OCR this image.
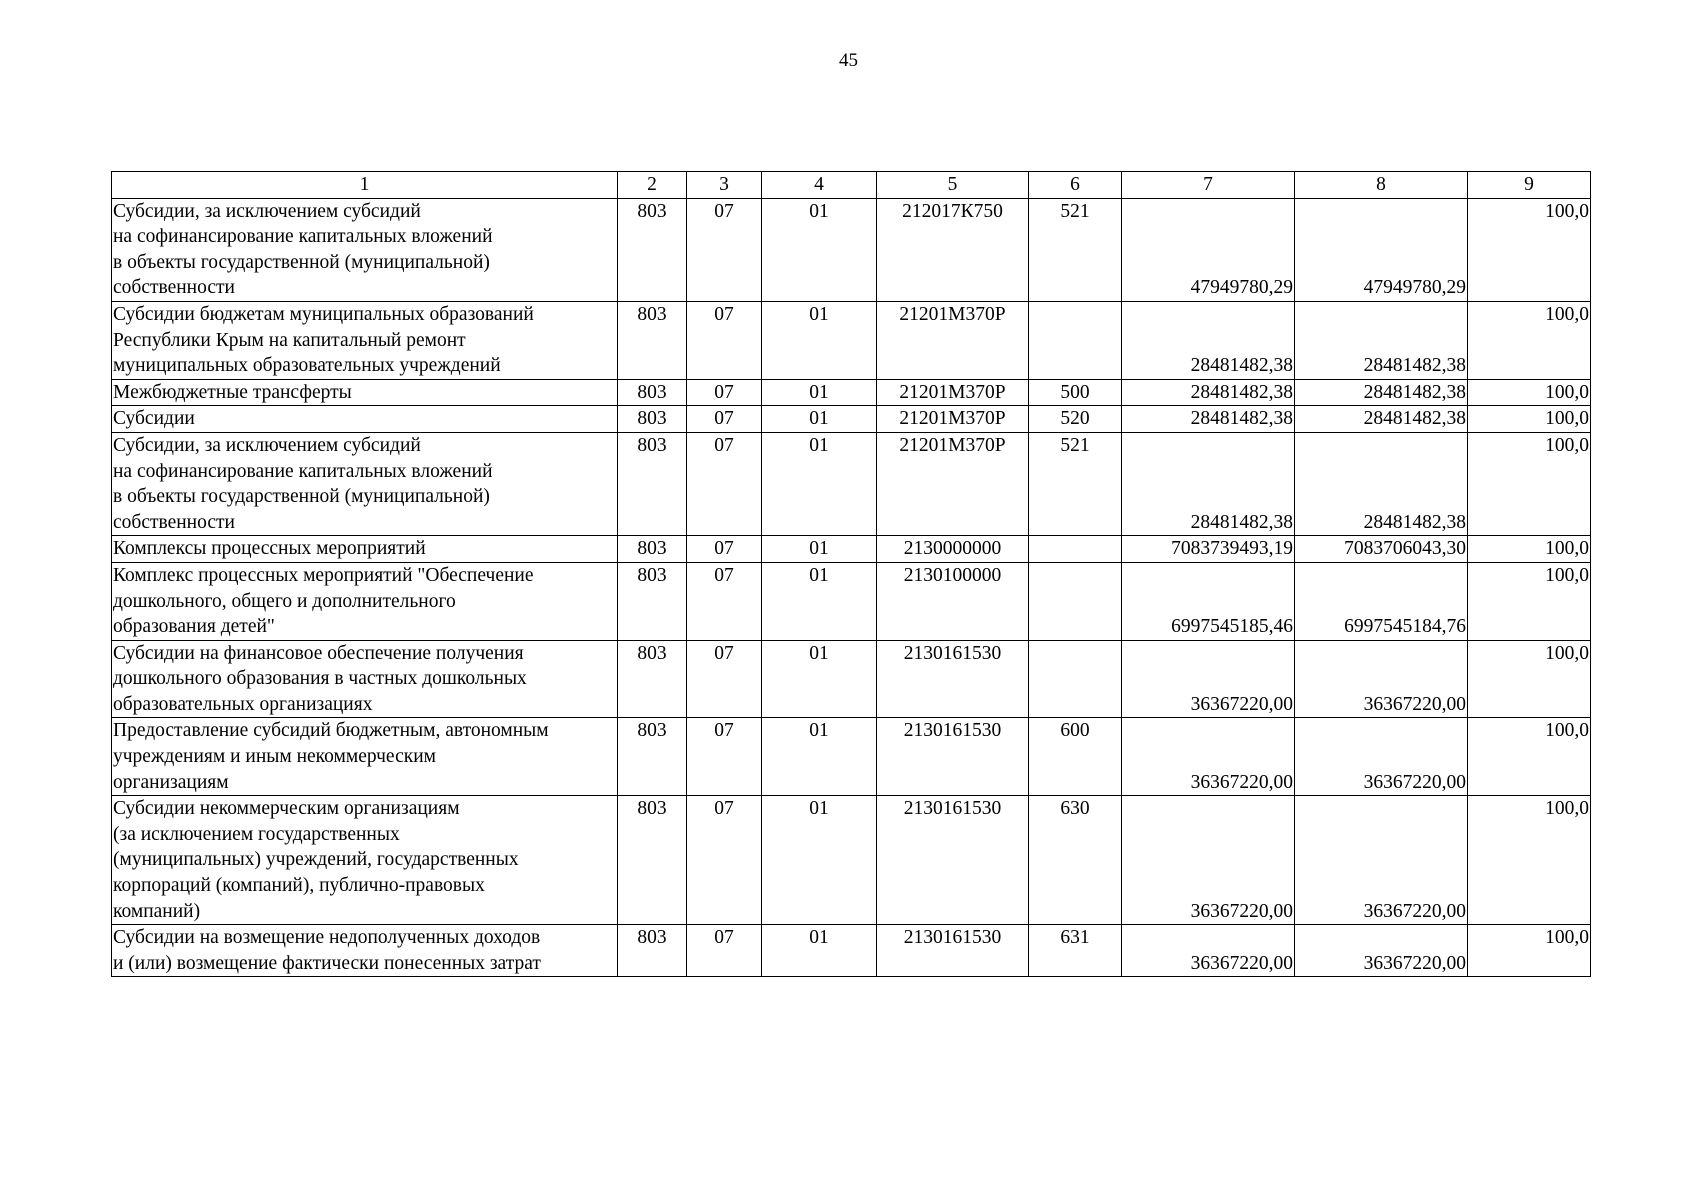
45
1	2	3	4	5	6	7	8	9
Субсидии, за исключением субсидий
на софинансирование капитальных вложений
в объекты государственной (муниципальной)
собственности	803	07	01	212017К750	521	47949780,29	47949780,29	100,0
Субсидии бюджетам муниципальных образований
Республики Крым на капитальный ремонт
муниципальных образовательных учреждений	803	07	01	21201М370Р		28481482,38	28481482,38	100,0
Межбюджетные трансферты	803	07	01	21201М370Р	500	28481482,38	28481482,38	100,0
Субсидии	803	07	01	21201М370Р	520	28481482,38	28481482,38	100,0
Субсидии, за исключением субсидий
на софинансирование капитальных вложений
в объекты государственной (муниципальной)
собственности	803	07	01	21201М370Р	521	28481482,38	28481482,38	100,0
Комплексы процессных мероприятий	803	07	01	2130000000		7083739493,19	7083706043,30	100,0
Комплекс процессных мероприятий "Обеспечение
дошкольного, общего и дополнительного
образования детей"	803	07	01	2130100000		6997545185,46	6997545184,76	100,0
Субсидии на финансовое обеспечение получения
дошкольного образования в частных дошкольных
образовательных организациях	803	07	01	2130161530		36367220,00	36367220,00	100,0
Предоставление субсидий бюджетным, автономным
учреждениям и иным некоммерческим
организациям	803	07	01	2130161530	600	36367220,00	36367220,00	100,0
Субсидии некоммерческим организациям
(за исключением государственных
(муниципальных) учреждений, государственных
корпораций (компаний), публично-правовых
компаний)	803	07	01	2130161530	630	36367220,00	36367220,00	100,0
Субсидии на возмещение недополученных доходов
и (или) возмещение фактически понесенных затрат	803	07	01	2130161530	631	36367220,00	36367220,00	100,0
